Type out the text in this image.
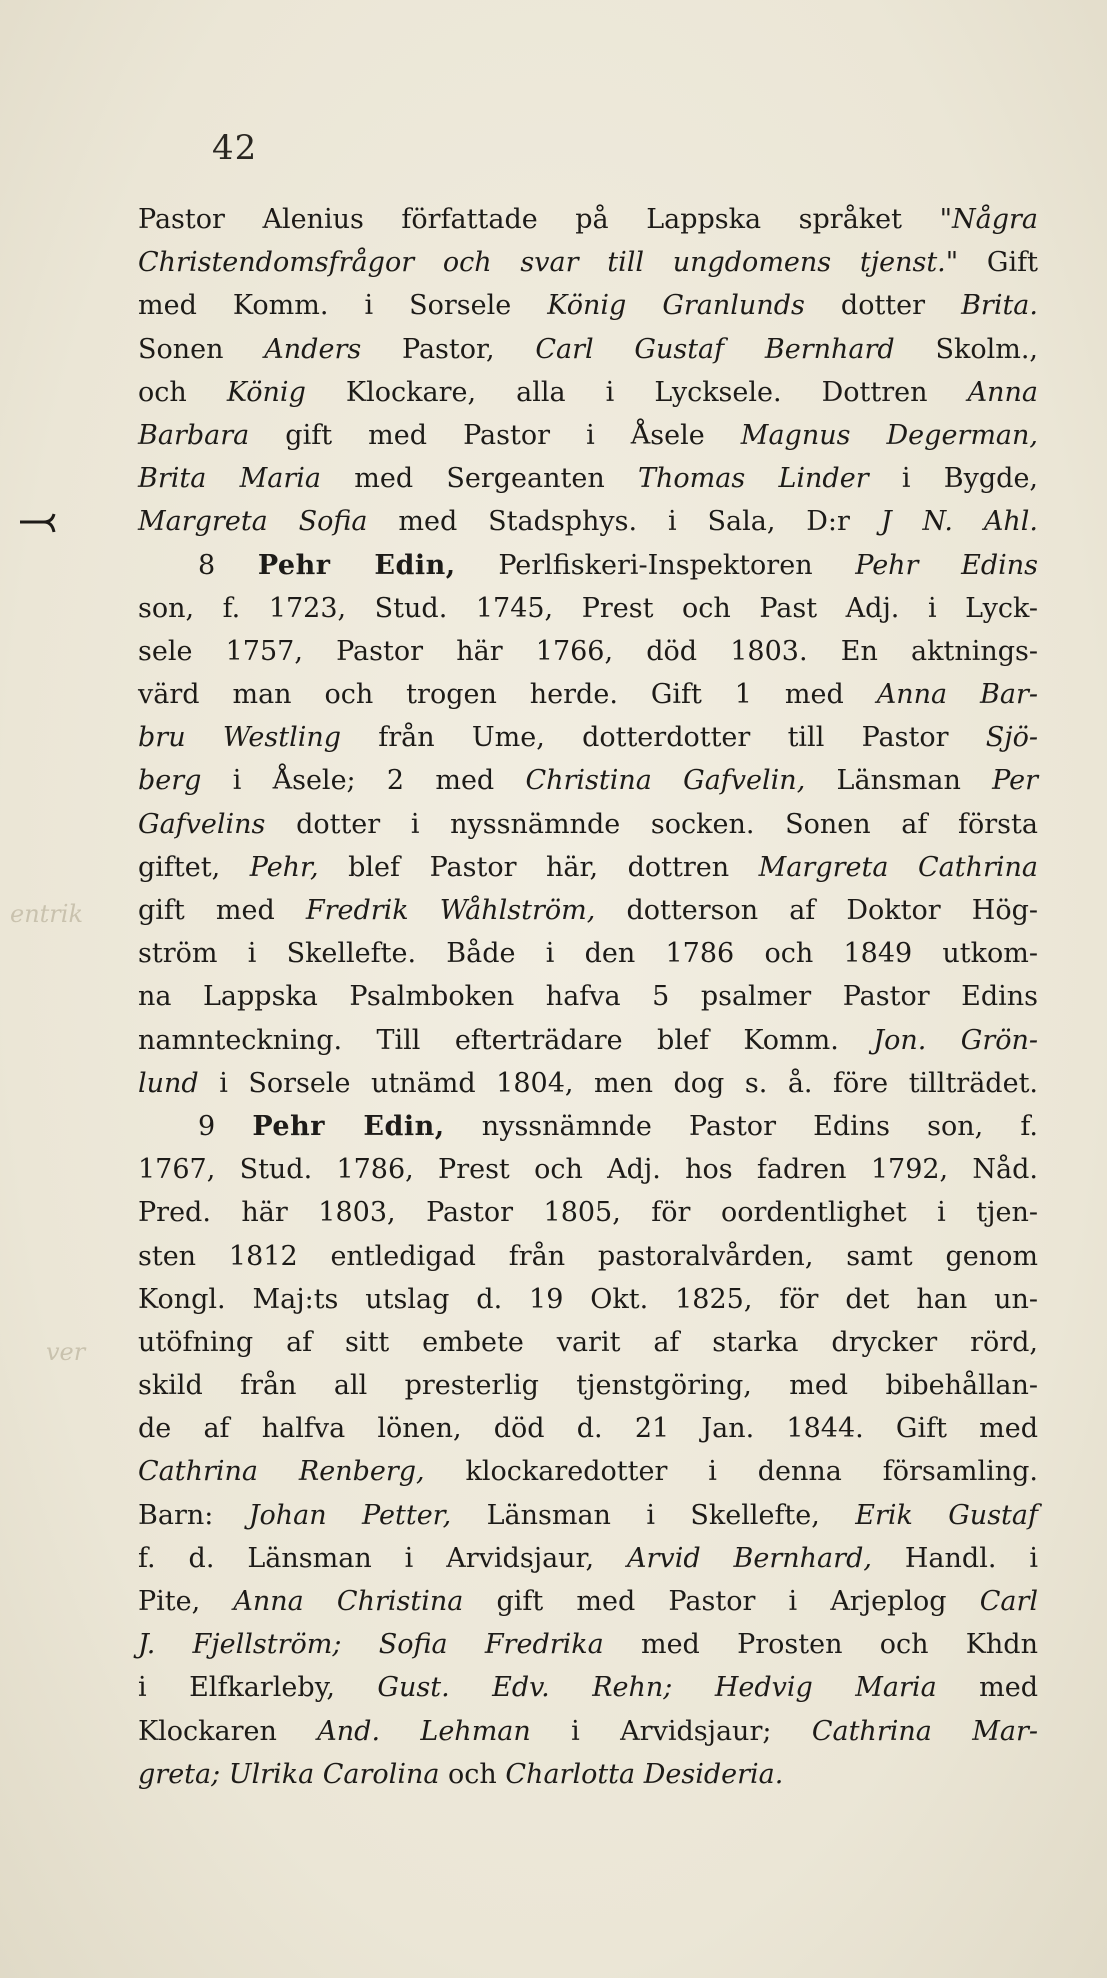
42
entrik
ver
Pastor Alenius författade på Lappska språket "Några
Christendomsfrågor och svar till ungdomens tjenst." Gift
med Komm. i Sorsele König Granlunds dotter Brita.
Sonen Anders Pastor, Carl Gustaf Bernhard Skolm.,
och König Klockare, alla i Lycksele. Dottren Anna
Barbara gift med Pastor i Åsele Magnus Degerman,
Brita Maria med Sergeanten Thomas Linder i Bygde,
Margreta Sofia med Stadsphys. i Sala, D:r J N. Ahl.
8 Pehr Edin, Perlfiskeri-Inspektoren Pehr Edins
son, f. 1723, Stud. 1745, Prest och Past Adj. i Lyck-
sele 1757, Pastor här 1766, död 1803. En aktnings-
värd man och trogen herde. Gift 1 med Anna Bar-
bru Westling från Ume, dotterdotter till Pastor Sjö-
berg i Åsele; 2 med Christina Gafvelin, Länsman Per
Gafvelins dotter i nyssnämnde socken. Sonen af första
giftet, Pehr, blef Pastor här, dottren Margreta Cathrina
gift med Fredrik Wåhlström, dotterson af Doktor Hög-
ström i Skellefte. Både i den 1786 och 1849 utkom-
na Lappska Psalmboken hafva 5 psalmer Pastor Edins
namnteckning. Till efterträdare blef Komm. Jon. Grön-
lund i Sorsele utnämd 1804, men dog s. å. före tillträdet.
9 Pehr Edin, nyssnämnde Pastor Edins son, f.
1767, Stud. 1786, Prest och Adj. hos fadren 1792, Nåd.
Pred. här 1803, Pastor 1805, för oordentlighet i tjen-
sten 1812 entledigad från pastoralvården, samt genom
Kongl. Maj:ts utslag d. 19 Okt. 1825, för det han un-
utöfning af sitt embete varit af starka drycker rörd,
skild från all presterlig tjenstgöring, med bibehållan-
de af halfva lönen, död d. 21 Jan. 1844. Gift med
Cathrina Renberg, klockaredotter i denna församling.
Barn: Johan Petter, Länsman i Skellefte, Erik Gustaf
f. d. Länsman i Arvidsjaur, Arvid Bernhard, Handl. i
Pite, Anna Christina gift med Pastor i Arjeplog Carl
J. Fjellström; Sofia Fredrika med Prosten och Khdn
i Elfkarleby, Gust. Edv. Rehn; Hedvig Maria med
Klockaren And. Lehman i Arvidsjaur; Cathrina Mar-
greta; Ulrika Carolina och Charlotta Desideria.
